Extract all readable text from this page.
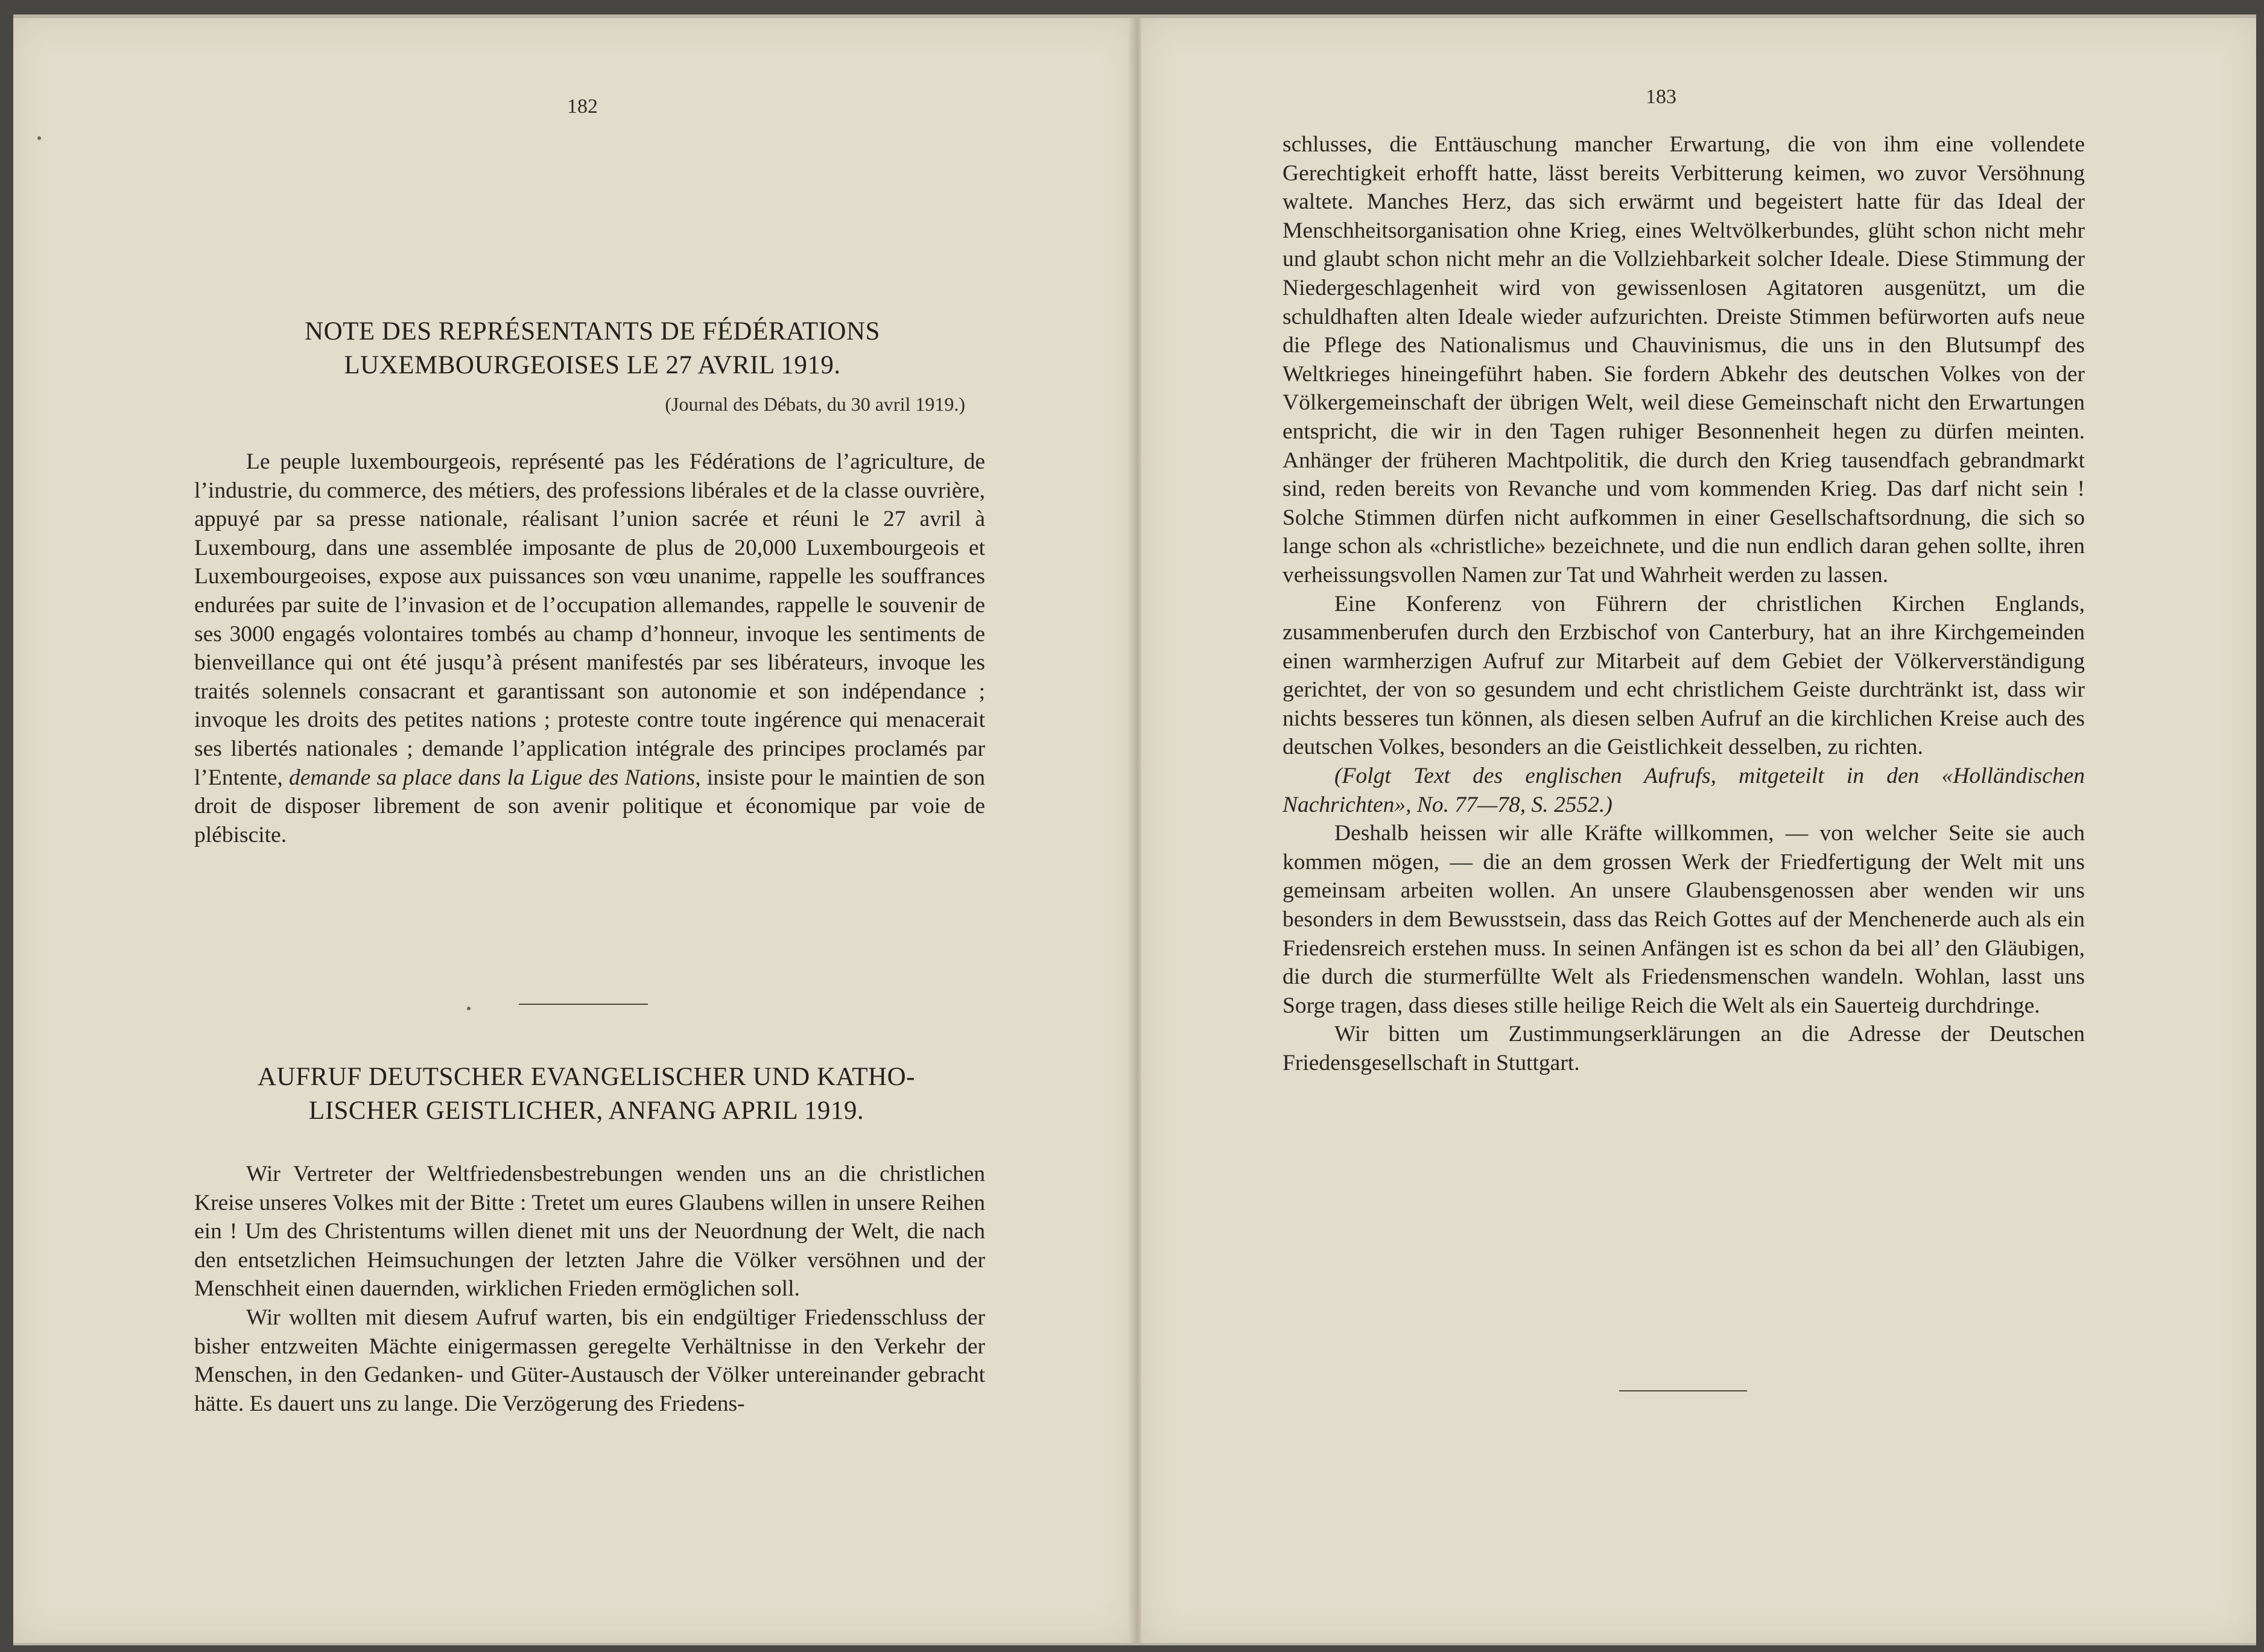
182
NOTE DES REPRÉSENTANTS DE FÉDÉRATIONS
LUXEMBOURGEOISES LE 27 AVRIL 1919.
(Journal des Débats, du 30 avril 1919.)

Le peuple luxembourgeois, représenté pas les Fédérations de l’agriculture, de l’industrie, du commerce, des métiers, des professions libérales et de la classe ouvrière, appuyé par sa presse nationale, réalisant l’union sacrée et réuni le 27 avril à Luxembourg, dans une assemblée imposante de plus de 20,000 Luxembourgeois et Luxembourgeoises, expose aux puissances son vœu unanime, rappelle les souffrances endurées par suite de l’invasion et de l’occupation allemandes, rappelle le souvenir de ses 3000 engagés volontaires tombés au champ d’honneur, invoque les sentiments de bienveillance qui ont été jusqu’à présent manifestés par ses libérateurs, invoque les traités solennels consacrant et garantissant son autonomie et son indépendance ; invoque les droits des petites nations ; proteste contre toute ingérence qui menacerait ses libertés nationales ; demande l’application intégrale des principes proclamés par l’Entente, demande sa place dans la Ligue des Nations, insiste pour le maintien de son droit de disposer librement de son avenir politique et économique par voie de plébiscite.

AUFRUF DEUTSCHER EVANGELISCHER UND KATHO-
LISCHER GEISTLICHER, ANFANG APRIL 1919.

Wir Vertreter der Weltfriedensbestrebungen wenden uns an die christlichen Kreise unseres Volkes mit der Bitte : Tretet um eures Glaubens willen in unsere Reihen ein ! Um des Christentums willen dienet mit uns der Neuordnung der Welt, die nach den entsetzlichen Heimsuchungen der letzten Jahre die Völker versöhnen und der Menschheit einen dauernden, wirklichen Frieden ermöglichen soll.

Wir wollten mit diesem Aufruf warten, bis ein endgültiger Friedensschluss der bisher entzweiten Mächte einigermassen geregelte Verhältnisse in den Verkehr der Menschen, in den Gedanken- und Güter-Austausch der Völker untereinander gebracht hätte. Es dauert uns zu lange. Die Verzögerung des Friedens-

183

schlusses, die Enttäuschung mancher Erwartung, die von ihm eine vollendete Gerechtigkeit erhofft hatte, lässt bereits Verbitterung keimen, wo zuvor Versöhnung waltete. Manches Herz, das sich erwärmt und begeistert hatte für das Ideal der Menschheitsorganisation ohne Krieg, eines Weltvölkerbundes, glüht schon nicht mehr und glaubt schon nicht mehr an die Vollziehbarkeit solcher Ideale. Diese Stimmung der Niedergeschlagenheit wird von gewissenlosen Agitatoren ausgenützt, um die schuldhaften alten Ideale wieder aufzurichten. Dreiste Stimmen befürworten aufs neue die Pflege des Nationalismus und Chauvinismus, die uns in den Blutsumpf des Weltkrieges hineingeführt haben. Sie fordern Abkehr des deutschen Volkes von der Völkergemeinschaft der übrigen Welt, weil diese Gemeinschaft nicht den Erwartungen entspricht, die wir in den Tagen ruhiger Besonnenheit hegen zu dürfen meinten. Anhänger der früheren Machtpolitik, die durch den Krieg tausendfach gebrandmarkt sind, reden bereits von Revanche und vom kommenden Krieg. Das darf nicht sein ! Solche Stimmen dürfen nicht aufkommen in einer Gesellschaftsordnung, die sich so lange schon als «christliche» bezeichnete, und die nun endlich daran gehen sollte, ihren verheissungsvollen Namen zur Tat und Wahrheit werden zu lassen.

Eine Konferenz von Führern der christlichen Kirchen Englands, zusammenberufen durch den Erzbischof von Canterbury, hat an ihre Kirchgemeinden einen warmherzigen Aufruf zur Mitarbeit auf dem Gebiet der Völkerverständigung gerichtet, der von so gesundem und echt christlichem Geiste durchtränkt ist, dass wir nichts besseres tun können, als diesen selben Aufruf an die kirchlichen Kreise auch des deutschen Volkes, besonders an die Geistlichkeit desselben, zu richten.

(Folgt Text des englischen Aufrufs, mitgeteilt in den «Holländischen Nachrichten», No. 77—78, S. 2552.)

Deshalb heissen wir alle Kräfte willkommen, — von welcher Seite sie auch kommen mögen, — die an dem grossen Werk der Friedfertigung der Welt mit uns gemeinsam arbeiten wollen. An unsere Glaubensgenossen aber wenden wir uns besonders in dem Bewusstsein, dass das Reich Gottes auf der Menchenerde auch als ein Friedensreich erstehen muss. In seinen Anfängen ist es schon da bei all’ den Gläubigen, die durch die sturmerfüllte Welt als Friedensmenschen wandeln. Wohlan, lasst uns Sorge tragen, dass dieses stille heilige Reich die Welt als ein Sauerteig durchdringe.

Wir bitten um Zustimmungserklärungen an die Adresse der Deutschen Friedensgesellschaft in Stuttgart.
